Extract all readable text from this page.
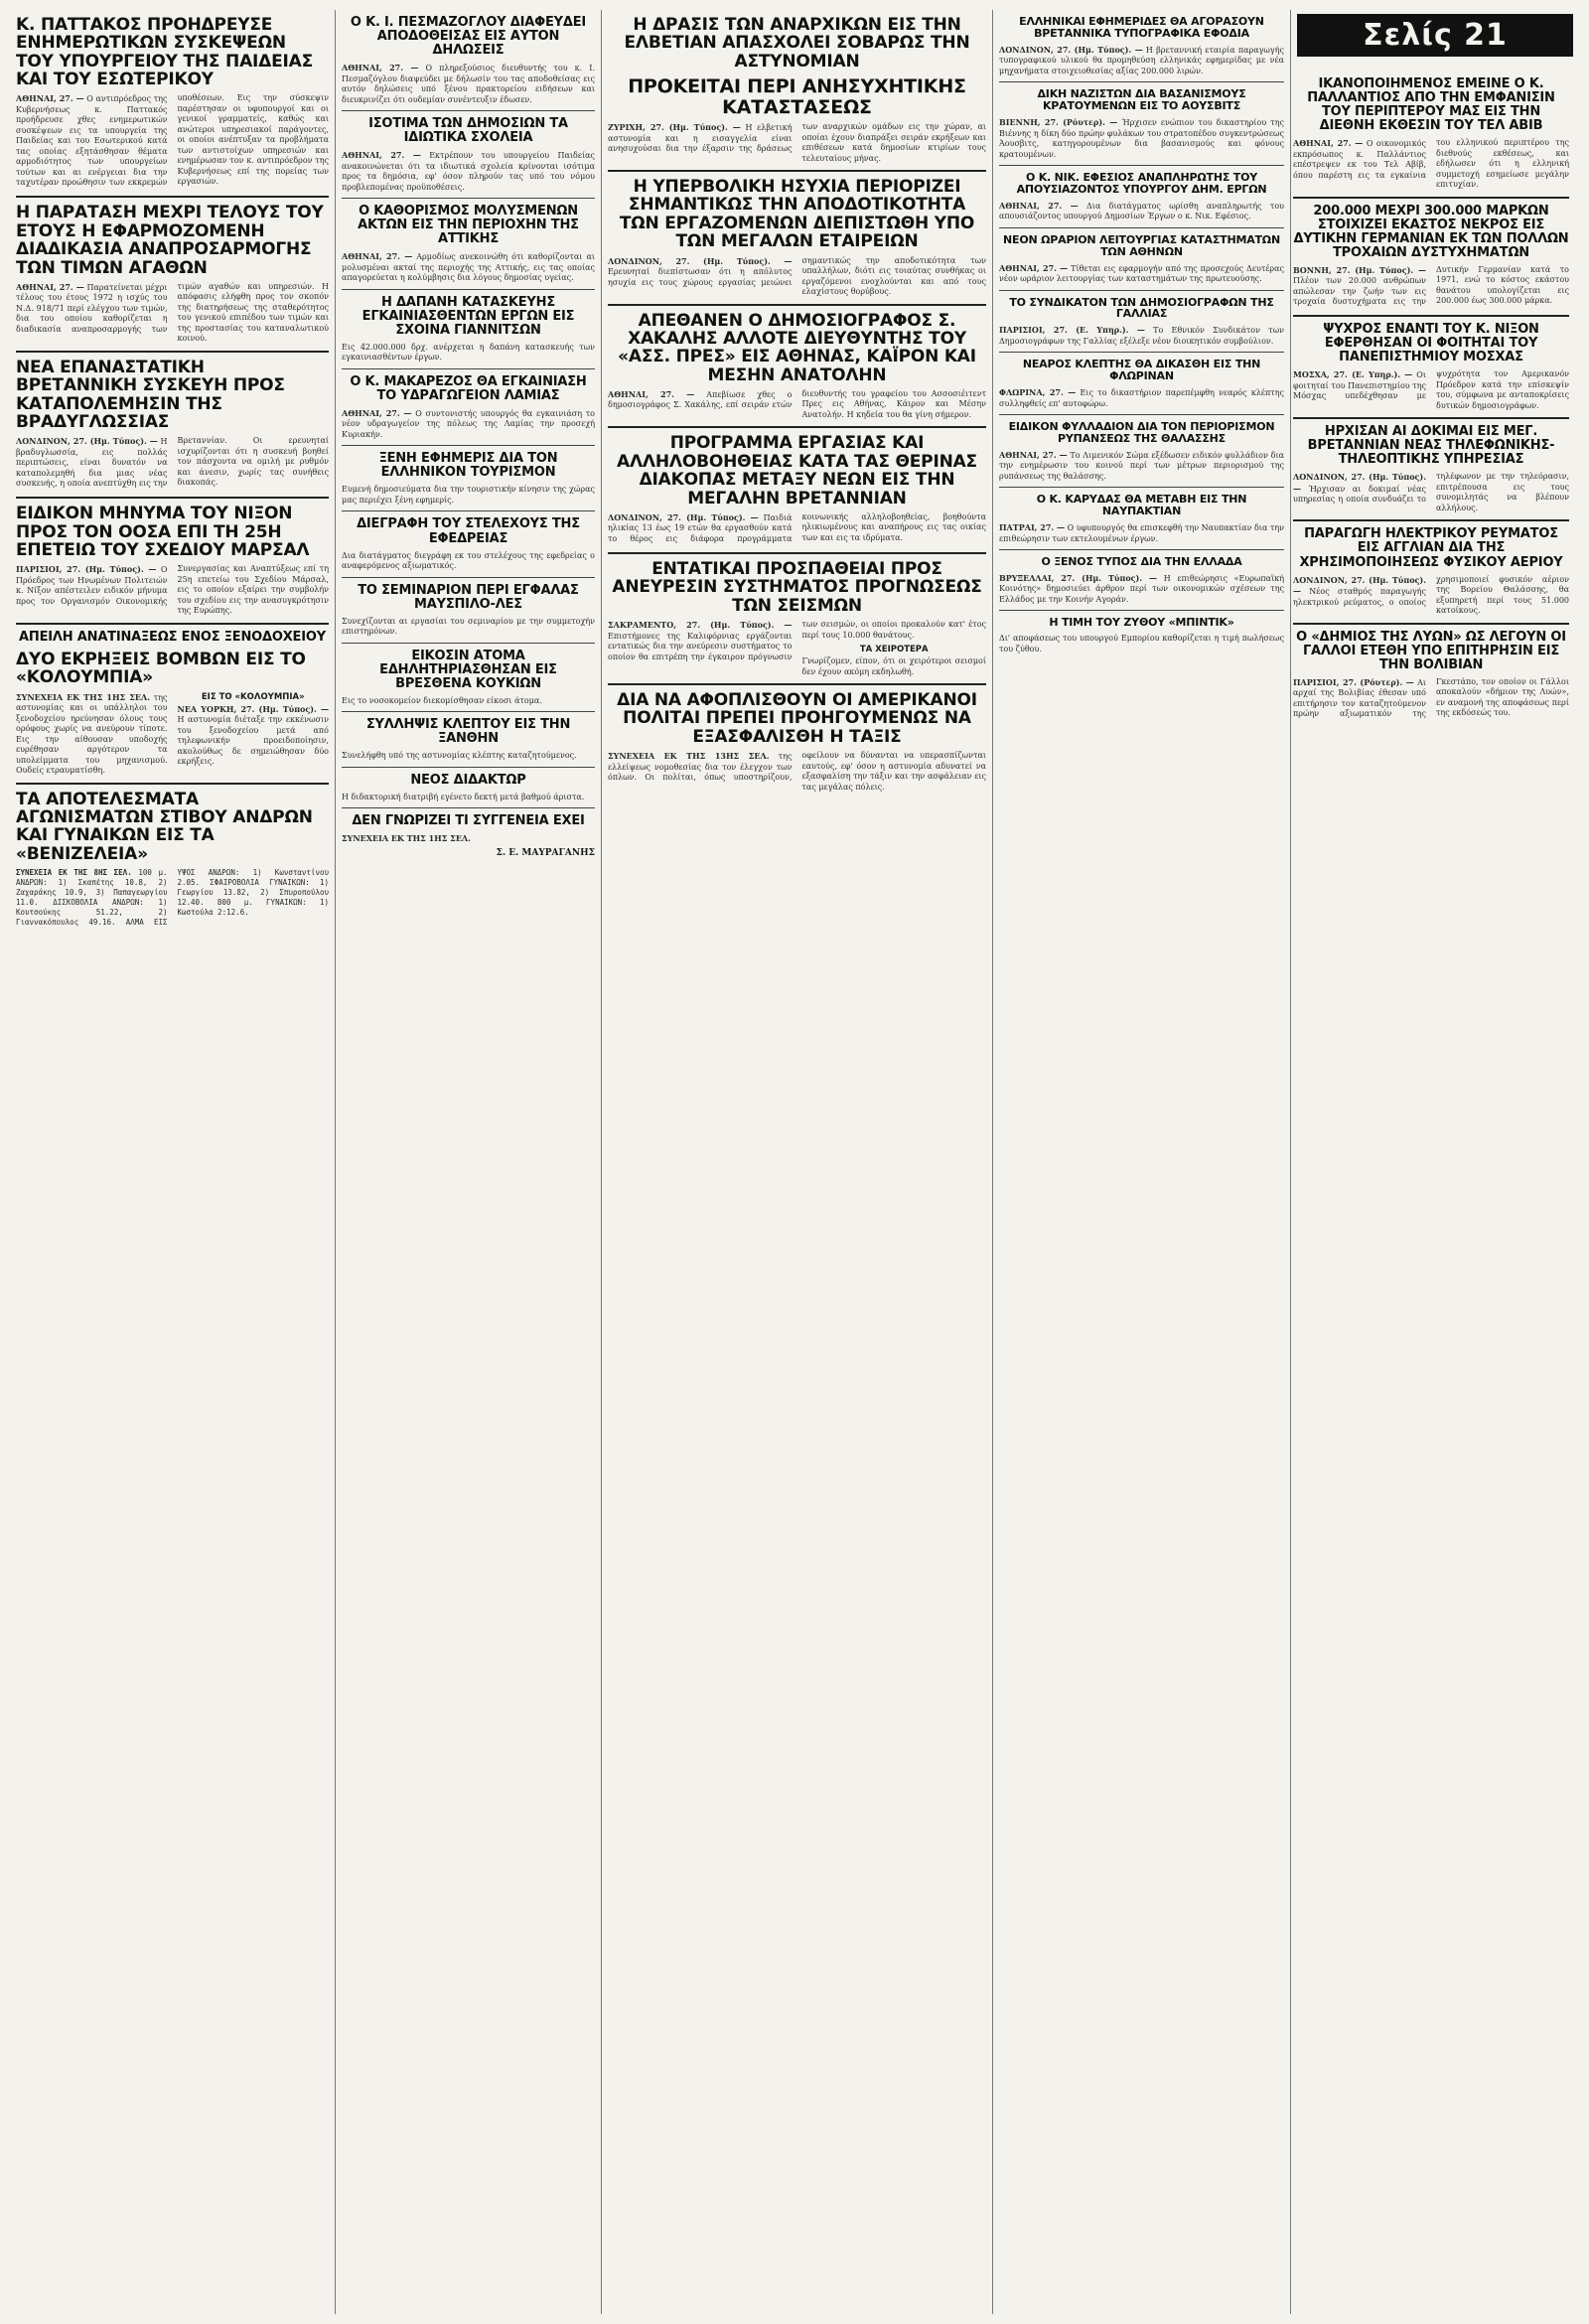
Κ. ΠΑΤΤΑΚΟΣ ΠΡΟΗΔΡΕΥΣΕ ΕΝΗΜΕΡΩΤΙΚΩΝ ΣΥΣΚΕΨΕΩΝ ΤΟΥ ΥΠΟΥΡΓΕΙΟΥ ΤΗΣ ΠΑΙΔΕΙΑΣ ΚΑΙ ΤΟΥ ΕΣΩΤΕΡΙΚΟΥ

ΑΘΗΝΑΙ, 27. — Ο αντιπρόεδρος της Κυβερνήσεως κ. Παττακός προήδρευσε χθες ενημερωτικών συσκέψεων εις τα υπουργεία της Παιδείας και του Εσωτερικού κατά τας οποίας εξητάσθησαν θέματα αρμοδιότητος των υπουργείων τούτων και αι ενέργειαι δια την ταχυτέραν προώθησιν των εκκρεμών υποθέσεων. Εις την σύσκεψιν παρέστησαν οι υφυπουργοί και οι γενικοί γραμματείς, καθώς και ανώτεροι υπηρεσιακοί παράγοντες, οι οποίοι ανέπτυξαν τα προβλήματα των αντιστοίχων υπηρεσιών και ενημέρωσαν τον κ. αντιπρόεδρον της Κυβερνήσεως επί της πορείας των εργασιών.

Η ΠΑΡΑΤΑΣΗ ΜΕΧΡΙ ΤΕΛΟΥΣ ΤΟΥ ΕΤΟΥΣ Η ΕΦΑΡΜΟΖΟΜΕΝΗ ΔΙΑΔΙΚΑΣΙΑ ΑΝΑΠΡΟΣΑΡΜΟΓΗΣ ΤΩΝ ΤΙΜΩΝ ΑΓΑΘΩΝ

ΑΘΗΝΑΙ, 27. — Παρατείνεται μέχρι τέλους του έτους 1972 η ισχύς του Ν.Δ. 918/71 περί ελέγχου των τιμών, δια του οποίου καθορίζεται η διαδικασία αναπροσαρμογής των τιμών αγαθών και υπηρεσιών. Η απόφασις ελήφθη προς τον σκοπόν της διατηρήσεως της σταθερότητος του γενικού επιπέδου των τιμών και της προστασίας του καταναλωτικού κοινού.

ΝΕΑ ΕΠΑΝΑΣΤΑΤΙΚΗ ΒΡΕΤΑΝΝΙΚΗ ΣΥΣΚΕΥΗ ΠΡΟΣ ΚΑΤΑΠΟΛΕΜΗΣΙΝ ΤΗΣ ΒΡΑΔΥΓΛΩΣΣΙΑΣ

ΛΟΝΔΙΝΟΝ, 27. (Ημ. Τύπος). — Η βραδυγλωσσία, εις πολλάς περιπτώσεις, είναι δυνατόν να καταπολεμηθή δια μιας νέας συσκευής, η οποία ανεπτύχθη εις την Βρεταννίαν. Οι ερευνηταί ισχυρίζονται ότι η συσκευή βοηθεί τον πάσχοντα να ομιλή με ρυθμόν και άνεσιν, χωρίς τας συνήθεις διακοπάς.

ΕΙΔΙΚΟΝ ΜΗΝΥΜΑ ΤΟΥ ΝΙΞΟΝ ΠΡΟΣ ΤΟΝ ΟΟΣΑ ΕΠΙ ΤΗ 25Η ΕΠΕΤΕΙΩ ΤΟΥ ΣΧΕΔΙΟΥ ΜΑΡΣΑΛ

ΠΑΡΙΣΙΟΙ, 27. (Ημ. Τύπος). — Ο Πρόεδρος των Ηνωμένων Πολιτειών κ. Νίξον απέστειλεν ειδικόν μήνυμα προς τον Οργανισμόν Οικονομικής Συνεργασίας και Αναπτύξεως επί τη 25η επετείω του Σχεδίου Μάρσαλ, εις το οποίον εξαίρει την συμβολήν του σχεδίου εις την ανασυγκρότησιν της Ευρώπης.

ΑΠΕΙΛΗ ΑΝΑΤΙΝΑΞΕΩΣ ΕΝΟΣ ΞΕΝΟΔΟΧΕΙΟΥ
ΔΥΟ ΕΚΡΗΞΕΙΣ ΒΟΜΒΩΝ ΕΙΣ ΤΟ «ΚΟΛΟΥΜΠΙΑ»

ΣΥΝΕΧΕΙΑ ΕΚ ΤΗΣ 1ΗΣ ΣΕΛ. της αστυνομίας και οι υπάλληλοι του ξενοδοχείου ηρεύνησαν όλους τους ορόφους χωρίς να ανεύρουν τίποτε. Εις την αίθουσαν υποδοχής ευρέθησαν αργότερον τα υπολείμματα του μηχανισμού. Ουδείς ετραυματίσθη.

ΕΙΣ ΤΟ «ΚΟΛΟΥΜΠΙΑ»

ΝΕΑ ΥΟΡΚΗ, 27. (Ημ. Τύπος). — Η αστυνομία διέταξε την εκκένωσιν του ξενοδοχείου μετά από τηλεφωνικήν προειδοποίησιν, ακολούθως δε σημειώθησαν δύο εκρήξεις.

ΤΑ ΑΠΟΤΕΛΕΣΜΑΤΑ ΑΓΩΝΙΣΜΑΤΩΝ ΣΤΙΒΟΥ ΑΝΔΡΩΝ ΚΑΙ ΓΥΝΑΙΚΩΝ ΕΙΣ ΤΑ «ΒΕΝΙΖΕΛΕΙΑ»

ΣΥΝΕΧΕΙΑ ΕΚ ΤΗΣ 8ΗΣ ΣΕΛ. 100 μ. ΑΝΔΡΩΝ: 1) Σκαπέτης 10.8, 2) Ζαχαράκης 10.9, 3) Παπαγεωργίου 11.0. ΔΙΣΚΟΒΟΛΙΑ ΑΝΔΡΩΝ: 1) Κουτσούκης 51.22, 2) Γιαννακόπουλος 49.16. ΑΛΜΑ ΕΙΣ ΥΨΟΣ ΑΝΔΡΩΝ: 1) Κωνσταντίνου 2.05. ΣΦΑΙΡΟΒΟΛΙΑ ΓΥΝΑΙΚΩΝ: 1) Γεωργίου 13.82, 2) Σπυροπούλου 12.40. 800 μ. ΓΥΝΑΙΚΩΝ: 1) Κωστούλα 2:12.6.

Ο Κ. Ι. ΠΕΣΜΑΖΟΓΛΟΥ ΔΙΑΦΕΥΔΕΙ ΑΠΟΔΟΘΕΙΣΑΣ ΕΙΣ ΑΥΤΟΝ ΔΗΛΩΣΕΙΣ

ΑΘΗΝΑΙ, 27. — Ο πληρεξούσιος διευθυντής του κ. Ι. Πεσμαζόγλου διαψεύδει με δήλωσίν του τας αποδοθείσας εις αυτόν δηλώσεις υπό ξένου πρακτορείου ειδήσεων και διευκρινίζει ότι ουδεμίαν συνέντευξιν έδωσεν.

ΙΣΟΤΙΜΑ ΤΩΝ ΔΗΜΟΣΙΩΝ ΤΑ ΙΔΙΩΤΙΚΑ ΣΧΟΛΕΙΑ

ΑΘΗΝΑΙ, 27. — Εκτρέπουν του υπουργείου Παιδείας ανακοινώνεται ότι τα ιδιωτικά σχολεία κρίνονται ισότιμα προς τα δημόσια, εφ' όσον πληρούν τας υπό του νόμου προβλεπομένας προϋποθέσεις.

Ο ΚΑΘΟΡΙΣΜΟΣ ΜΟΛΥΣΜΕΝΩΝ ΑΚΤΩΝ ΕΙΣ ΤΗΝ ΠΕΡΙΟΧΗΝ ΤΗΣ ΑΤΤΙΚΗΣ

ΑΘΗΝΑΙ, 27. — Αρμοδίως ανεκοινώθη ότι καθορίζονται αι μολυσμέναι ακταί της περιοχής της Αττικής, εις τας οποίας απαγορεύεται η κολύμβησις δια λόγους δημοσίας υγείας.

Η ΔΑΠΑΝΗ ΚΑΤΑΣΚΕΥΗΣ ΕΓΚΑΙΝΙΑΣΘΕΝΤΩΝ ΕΡΓΩΝ ΕΙΣ ΣΧΟΙΝΑ ΓΙΑΝΝΙΤΣΩΝ

Εις 42.000.000 δρχ. ανέρχεται η δαπάνη κατασκευής των εγκαινιασθέντων έργων.

Ο Κ. ΜΑΚΑΡΕΖΟΣ ΘΑ ΕΓΚΑΙΝΙΑΣΗ ΤΟ ΥΔΡΑΓΩΓΕΙΟΝ ΛΑΜΙΑΣ

ΑΘΗΝΑΙ, 27. — Ο συντονιστής υπουργός θα εγκαινιάση το νέον υδραγωγείον της πόλεως της Λαμίας την προσεχή Κυριακήν.

ΞΕΝΗ ΕΦΗΜΕΡΙΣ ΔΙΑ ΤΟΝ ΕΛΛΗΝΙΚΟΝ ΤΟΥΡΙΣΜΟΝ

Ευμενή δημοσιεύματα δια την τουριστικήν κίνησιν της χώρας μας περιέχει ξένη εφημερίς.

ΔΙΕΓΡΑΦΗ ΤΟΥ ΣΤΕΛΕΧΟΥΣ ΤΗΣ ΕΦΕΔΡΕΙΑΣ

Δια διατάγματος διεγράφη εκ του στελέχους της εφεδρείας ο αναφερόμενος αξιωματικός.

ΤΟ ΣΕΜΙΝΑΡΙΟΝ ΠΕΡΙ ΕΓΦΑΛΑΣ ΜΑΥΣΠΙΛΟ-ΛΕΣ

Συνεχίζονται αι εργασίαι του σεμιναρίου με την συμμετοχήν επιστημόνων.

ΕΙΚΟΣΙΝ ΑΤΟΜΑ ΕΔΗΛΗΤΗΡΙΑΣΘΗΣΑΝ ΕΙΣ ΒΡΕΣΘΕΝΑ ΚΟΥΚΙΩΝ

Εις το νοσοκομείον διεκομίσθησαν είκοσι άτομα.

ΣΥΛΛΗΨΙΣ ΚΛΕΠΤΟΥ ΕΙΣ ΤΗΝ ΞΑΝΘΗΝ

Συνελήφθη υπό της αστυνομίας κλέπτης καταζητούμενος.

ΝΕΟΣ ΔΙΔΑΚΤΩΡ

Η διδακτορική διατριβή εγένετο δεκτή μετά βαθμού άριστα.

ΔΕΝ ΓΝΩΡΙΖΕΙ ΤΙ ΣΥΓΓΕΝΕΙΑ ΕΧΕΙ

ΣΥΝΕΧΕΙΑ ΕΚ ΤΗΣ 1ΗΣ ΣΕΛ.

Σ. Ε. ΜΑΥΡΑΓΑΝΗΣ
Η ΔΡΑΣΙΣ ΤΩΝ ΑΝΑΡΧΙΚΩΝ ΕΙΣ ΤΗΝ ΕΛΒΕΤΙΑΝ ΑΠΑΣΧΟΛΕΙ ΣΟΒΑΡΩΣ ΤΗΝ ΑΣΤΥΝΟΜΙΑΝ
ΠΡΟΚΕΙΤΑΙ ΠΕΡΙ ΑΝΗΣΥΧΗΤΙΚΗΣ ΚΑΤΑΣΤΑΣΕΩΣ

ΖΥΡΙΧΗ, 27. (Ημ. Τύπος). — Η ελβετική αστυνομία και η εισαγγελία είναι ανησυχούσαι δια την έξαρσιν της δράσεως των αναρχικών ομάδων εις την χώραν, αι οποίαι έχουν διαπράξει σειράν εκρήξεων και επιθέσεων κατά δημοσίων κτιρίων τους τελευταίους μήνας.

Η ΥΠΕΡΒΟΛΙΚΗ ΗΣΥΧΙΑ ΠΕΡΙΟΡΙΖΕΙ ΣΗΜΑΝΤΙΚΩΣ ΤΗΝ ΑΠΟΔΟΤΙΚΟΤΗΤΑ ΤΩΝ ΕΡΓΑΖΟΜΕΝΩΝ ΔΙΕΠΙΣΤΩΘΗ ΥΠΟ ΤΩΝ ΜΕΓΑΛΩΝ ΕΤΑΙΡΕΙΩΝ

ΛΟΝΔΙΝΟΝ, 27. (Ημ. Τύπος). — Ερευνηταί διεπίστωσαν ότι η απόλυτος ησυχία εις τους χώρους εργασίας μειώνει σημαντικώς την αποδοτικότητα των υπαλλήλων, διότι εις τοιαύτας συνθήκας οι εργαζόμενοι ενοχλούνται και από τους ελαχίστους θορύβους.

ΑΠΕΘΑΝΕΝ Ο ΔΗΜΟΣΙΟΓΡΑΦΟΣ Σ. ΧΑΚΑΛΗΣ ΑΛΛΟΤΕ ΔΙΕΥΘΥΝΤΗΣ ΤΟΥ «ΑΣΣ. ΠΡΕΣ» ΕΙΣ ΑΘΗΝΑΣ, ΚΑΪΡΟΝ ΚΑΙ ΜΕΣΗΝ ΑΝΑΤΟΛΗΝ

ΑΘΗΝΑΙ, 27. — Απεβίωσε χθες ο δημοσιογράφος Σ. Χακάλης, επί σειράν ετών διευθυντής του γραφείου του Ασσοσιέιτεντ Πρες εις Αθήνας, Κάιρον και Μέσην Ανατολήν. Η κηδεία του θα γίνη σήμερον.

ΠΡΟΓΡΑΜΜΑ ΕΡΓΑΣΙΑΣ ΚΑΙ ΑΛΛΗΛΟΒΟΗΘΕΙΑΣ ΚΑΤΑ ΤΑΣ ΘΕΡΙΝΑΣ ΔΙΑΚΟΠΑΣ ΜΕΤΑΞΥ ΝΕΩΝ ΕΙΣ ΤΗΝ ΜΕΓΑΛΗΝ ΒΡΕΤΑΝΝΙΑΝ

ΛΟΝΔΙΝΟΝ, 27. (Ημ. Τύπος). — Παιδιά ηλικίας 13 έως 19 ετών θα εργασθούν κατά το θέρος εις διάφορα προγράμματα κοινωνικής αλληλοβοηθείας, βοηθούντα ηλικιωμένους και αναπήρους εις τας οικίας των και εις τα ιδρύματα.

ΕΝΤΑΤΙΚΑΙ ΠΡΟΣΠΑΘΕΙΑΙ ΠΡΟΣ ΑΝΕΥΡΕΣΙΝ ΣΥΣΤΗΜΑΤΟΣ ΠΡΟΓΝΩΣΕΩΣ ΤΩΝ ΣΕΙΣΜΩΝ

ΣΑΚΡΑΜΕΝΤΟ, 27. (Ημ. Τύπος). — Επιστήμονες της Καλιφόρνιας εργάζονται εντατικώς δια την ανεύρεσιν συστήματος το οποίον θα επιτρέπη την έγκαιρον πρόγνωσιν των σεισμών, οι οποίοι προκαλούν κατ' έτος περί τους 10.000 θανάτους.

ΤΑ ΧΕΙΡΟΤΕΡΑ

Γνωρίζομεν, είπον, ότι οι χειρότεροι σεισμοί δεν έχουν ακόμη εκδηλωθή.

ΔΙΑ ΝΑ ΑΦΟΠΛΙΣΘΟΥΝ ΟΙ ΑΜΕΡΙΚΑΝΟΙ ΠΟΛΙΤΑΙ ΠΡΕΠΕΙ ΠΡΟΗΓΟΥΜΕΝΩΣ ΝΑ ΕΞΑΣΦΑΛΙΣΘΗ Η ΤΑΞΙΣ

ΣΥΝΕΧΕΙΑ ΕΚ ΤΗΣ 13ΗΣ ΣΕΛ. της ελλείψεως νομοθεσίας δια τον έλεγχον των όπλων. Οι πολίται, όπως υποστηρίζουν, οφείλουν να δύνανται να υπερασπίζωνται εαυτούς, εφ' όσον η αστυνομία αδυνατεί να εξασφαλίση την τάξιν και την ασφάλειαν εις τας μεγάλας πόλεις.

ΕΛΛΗΝΙΚΑΙ ΕΦΗΜΕΡΙΔΕΣ ΘΑ ΑΓΟΡΑΣΟΥΝ ΒΡΕΤΑΝΝΙΚΑ ΤΥΠΟΓΡΑΦΙΚΑ ΕΦΟΔΙΑ

ΛΟΝΔΙΝΟΝ, 27. (Ημ. Τύπος). — Η βρεταννική εταιρία παραγωγής τυπογραφικού υλικού θα προμηθεύση ελληνικάς εφημερίδας με νέα μηχανήματα στοιχειοθεσίας αξίας 200.000 λιρών.

ΔΙΚΗ ΝΑΖΙΣΤΩΝ ΔΙΑ ΒΑΣΑΝΙΣΜΟΥΣ ΚΡΑΤΟΥΜΕΝΩΝ ΕΙΣ ΤΟ ΑΟΥΣΒΙΤΣ

ΒΙΕΝΝΗ, 27. (Ρόυτερ). — Ήρχισεν ενώπιον του δικαστηρίου της Βιέννης η δίκη δύο πρώην φυλάκων του στρατοπέδου συγκεντρώσεως Άουσβιτς, κατηγορουμένων δια βασανισμούς και φόνους κρατουμένων.

Ο Κ. ΝΙΚ. ΕΦΕΣΙΟΣ ΑΝΑΠΛΗΡΩΤΗΣ ΤΟΥ ΑΠΟΥΣΙΑΖΟΝΤΟΣ ΥΠΟΥΡΓΟΥ ΔΗΜ. ΕΡΓΩΝ

ΑΘΗΝΑΙ, 27. — Δια διατάγματος ωρίσθη αναπληρωτής του απουσιάζοντος υπουργού Δημοσίων Έργων ο κ. Νικ. Εφέσιος.

ΝΕΟΝ ΩΡΑΡΙΟΝ ΛΕΙΤΟΥΡΓΙΑΣ ΚΑΤΑΣΤΗΜΑΤΩΝ ΤΩΝ ΑΘΗΝΩΝ

ΑΘΗΝΑΙ, 27. — Τίθεται εις εφαρμογήν από της προσεχούς Δευτέρας νέον ωράριον λειτουργίας των καταστημάτων της πρωτευούσης.

ΤΟ ΣΥΝΔΙΚΑΤΟΝ ΤΩΝ ΔΗΜΟΣΙΟΓΡΑΦΩΝ ΤΗΣ ΓΑΛΛΙΑΣ

ΠΑΡΙΣΙΟΙ, 27. (Ε. Υπηρ.). — Το Εθνικόν Συνδικάτον των Δημοσιογράφων της Γαλλίας εξέλεξε νέον διοικητικόν συμβούλιον.

ΝΕΑΡΟΣ ΚΛΕΠΤΗΣ ΘΑ ΔΙΚΑΣΘΗ ΕΙΣ ΤΗΝ ΦΛΩΡΙΝΑΝ

ΦΛΩΡΙΝΑ, 27. — Εις το δικαστήριον παρεπέμφθη νεαρός κλέπτης συλληφθείς επ' αυτοφώρω.

ΕΙΔΙΚΟΝ ΦΥΛΛΑΔΙΟΝ ΔΙΑ ΤΟΝ ΠΕΡΙΟΡΙΣΜΟΝ ΡΥΠΑΝΣΕΩΣ ΤΗΣ ΘΑΛΑΣΣΗΣ

ΑΘΗΝΑΙ, 27. — Το Λιμενικόν Σώμα εξέδωσεν ειδικόν φυλλάδιον δια την ενημέρωσιν του κοινού περί των μέτρων περιορισμού της ρυπάνσεως της θαλάσσης.

Ο Κ. ΚΑΡΥΔΑΣ ΘΑ ΜΕΤΑΒΗ ΕΙΣ ΤΗΝ ΝΑΥΠΑΚΤΙΑΝ

ΠΑΤΡΑΙ, 27. — Ο υφυπουργός θα επισκεφθή την Ναυπακτίαν δια την επιθεώρησιν των εκτελουμένων έργων.

Ο ΞΕΝΟΣ ΤΥΠΟΣ ΔΙΑ ΤΗΝ ΕΛΛΑΔΑ

ΒΡΥΞΕΛΛΑΙ, 27. (Ημ. Τύπος). — Η επιθεώρησις «Ευρωπαϊκή Κοινότης» δημοσιεύει άρθρον περί των οικονομικών σχέσεων της Ελλάδος με την Κοινήν Αγοράν.

Η ΤΙΜΗ ΤΟΥ ΖΥΘΟΥ «ΜΠΙΝΤΙΚ»

Δι' αποφάσεως του υπουργού Εμπορίου καθορίζεται η τιμή πωλήσεως του ζύθου.

Σελίς 21
ΙΚΑΝΟΠΟΙΗΜΕΝΟΣ ΕΜΕΙΝΕ Ο Κ. ΠΑΛΛΑΝΤΙΟΣ ΑΠΟ ΤΗΝ ΕΜΦΑΝΙΣΙΝ ΤΟΥ ΠΕΡΙΠΤΕΡΟΥ ΜΑΣ ΕΙΣ ΤΗΝ ΔΙΕΘΝΗ ΕΚΘΕΣΙΝ ΤΟΥ ΤΕΛ ΑΒΙΒ

ΑΘΗΝΑΙ, 27. — Ο οικονομικός εκπρόσωπος κ. Παλλάντιος επέστρεψεν εκ του Τελ Αβίβ, όπου παρέστη εις τα εγκαίνια του ελληνικού περιπτέρου της διεθνούς εκθέσεως, και εδήλωσεν ότι η ελληνική συμμετοχή εσημείωσε μεγάλην επιτυχίαν.

200.000 ΜΕΧΡΙ 300.000 ΜΑΡΚΩΝ ΣΤΟΙΧΙΖΕΙ ΕΚΑΣΤΟΣ ΝΕΚΡΟΣ ΕΙΣ ΔΥΤΙΚΗΝ ΓΕΡΜΑΝΙΑΝ ΕΚ ΤΩΝ ΠΟΛΛΩΝ ΤΡΟΧΑΙΩΝ ΔΥΣΤΥΧΗΜΑΤΩΝ

ΒΟΝΝΗ, 27. (Ημ. Τύπος). — Πλέον των 20.000 ανθρώπων απώλεσαν την ζωήν των εις τροχαία δυστυχήματα εις την Δυτικήν Γερμανίαν κατά το 1971, ενώ το κόστος εκάστου θανάτου υπολογίζεται εις 200.000 έως 300.000 μάρκα.

ΨΥΧΡΟΣ ΕΝΑΝΤΙ ΤΟΥ Κ. ΝΙΞΟΝ ΕΦΕΡΘΗΣΑΝ ΟΙ ΦΟΙΤΗΤΑΙ ΤΟΥ ΠΑΝΕΠΙΣΤΗΜΙΟΥ ΜΟΣΧΑΣ

ΜΟΣΧΑ, 27. (Ε. Υπηρ.). — Οι φοιτηταί του Πανεπιστημίου της Μόσχας υπεδέχθησαν με ψυχρότητα τον Αμερικανόν Πρόεδρον κατά την επίσκεψίν του, σύμφωνα με ανταποκρίσεις δυτικών δημοσιογράφων.

ΗΡΧΙΣΑΝ ΑΙ ΔΟΚΙΜΑΙ ΕΙΣ ΜΕΓ. ΒΡΕΤΑΝΝΙΑΝ ΝΕΑΣ ΤΗΛΕΦΩΝΙΚΗΣ-ΤΗΛΕΟΠΤΙΚΗΣ ΥΠΗΡΕΣΙΑΣ

ΛΟΝΔΙΝΟΝ, 27. (Ημ. Τύπος). — Ήρχισαν αι δοκιμαί νέας υπηρεσίας η οποία συνδυάζει το τηλέφωνον με την τηλεόρασιν, επιτρέπουσα εις τους συνομιλητάς να βλέπουν αλλήλους.

ΠΑΡΑΓΩΓΗ ΗΛΕΚΤΡΙΚΟΥ ΡΕΥΜΑΤΟΣ ΕΙΣ ΑΓΓΛΙΑΝ ΔΙΑ ΤΗΣ ΧΡΗΣΙΜΟΠΟΙΗΣΕΩΣ ΦΥΣΙΚΟΥ ΑΕΡΙΟΥ

ΛΟΝΔΙΝΟΝ, 27. (Ημ. Τύπος). — Νέος σταθμός παραγωγής ηλεκτρικού ρεύματος, ο οποίος χρησιμοποιεί φυσικόν αέριον της Βορείου Θαλάσσης, θα εξυπηρετή περί τους 51.000 κατοίκους.

Ο «ΔΗΜΙΟΣ ΤΗΣ ΛΥΩΝ» ΩΣ ΛΕΓΟΥΝ ΟΙ ΓΑΛΛΟΙ ΕΤΕΘΗ ΥΠΟ ΕΠΙΤΗΡΗΣΙΝ ΕΙΣ ΤΗΝ ΒΟΛΙΒΙΑΝ

ΠΑΡΙΣΙΟΙ, 27. (Ρόυτερ). — Αι αρχαί της Βολιβίας έθεσαν υπό επιτήρησιν τον καταζητούμενον πρώην αξιωματικόν της Γκεστάπο, τον οποίον οι Γάλλοι αποκαλούν «δήμιον της Λυών», εν αναμονή της αποφάσεως περί της εκδόσεώς του.
